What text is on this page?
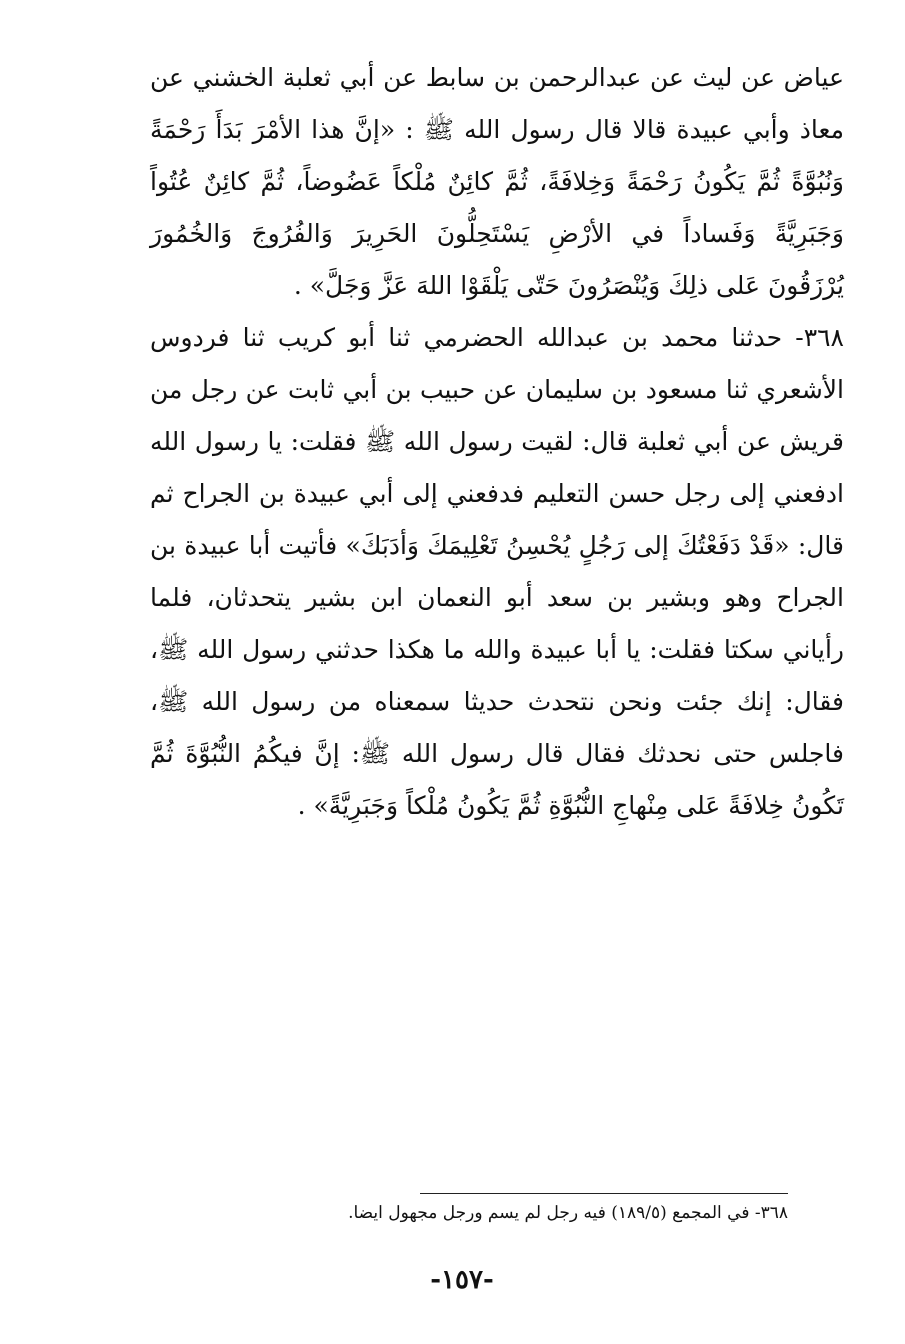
عياض عن ليث عن عبدالرحمن بن سابط عن أبي ثعلبة الخشني عن معاذ وأبي عبيدة قالا قال رسول الله ﷺ : «إنَّ هذا الأمْرَ بَدَأَ رَحْمَةً وَنُبُوَّةً ثُمَّ يَكُونُ رَحْمَةً وَخِلافَةً، ثُمَّ كائِنٌ مُلْكاً عَضُوضاً، ثُمَّ كائِنٌ عُتُواً وَجَبَرِيَّةً وَفَساداً في الأرْضِ يَسْتَحِلُّونَ الحَرِيرَ وَالفُرُوجَ وَالخُمُورَ يُرْزَقُونَ عَلى ذلِكَ وَيُنْصَرُونَ حَتّى يَلْقَوْا اللهَ عَزَّ وَجَلَّ» .

٣٦٨- حدثنا محمد بن عبدالله الحضرمي ثنا أبو كريب ثنا فردوس الأشعري ثنا مسعود بن سليمان عن حبيب بن أبي ثابت عن رجل من قريش عن أبي ثعلبة قال: لقيت رسول الله ﷺ فقلت: يا رسول الله ادفعني إلى رجل حسن التعليم فدفعني إلى أبي عبيدة بن الجراح ثم قال: «قَدْ دَفَعْتُكَ إلى رَجُلٍ يُحْسِنُ تَعْلِيمَكَ وَأدَبَكَ» فأتيت أبا عبيدة بن الجراح وهو وبشير بن سعد أبو النعمان ابن بشير يتحدثان، فلما رأياني سكتا فقلت: يا أبا عبيدة والله ما هكذا حدثني رسول الله ﷺ، فقال: إنك جئت ونحن نتحدث حديثا سمعناه من رسول الله ﷺ، فاجلس حتى نحدثك فقال قال رسول الله ﷺ: إنَّ فيكُمُ النُّبُوَّةَ ثُمَّ تَكُونُ خِلافَةً عَلى مِنْهاجِ النُّبُوَّةِ ثُمَّ يَكُونُ مُلْكاً وَجَبَرِيَّةً» .

٣٦٨- في المجمع (١٨٩/٥) فيه رجل لم يسم ورجل مجهول ايضا.
-١٥٧-
